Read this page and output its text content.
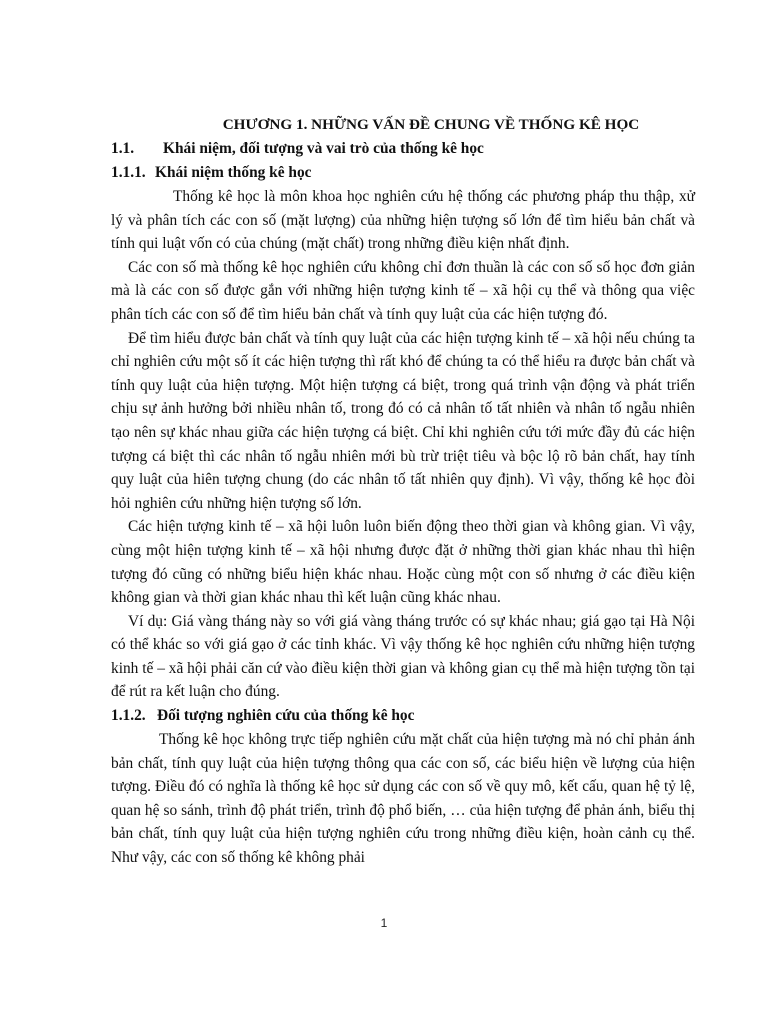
CHƯƠNG 1. NHỮNG VẤN ĐỀ CHUNG VỀ THỐNG KÊ HỌC
1.1. Khái niệm, đối tượng và vai trò của thống kê học
1.1.1. Khái niệm thống kê học

Thống kê học là môn khoa học nghiên cứu hệ thống các phương pháp thu thập, xử lý và phân tích các con số (mặt lượng) của những hiện tượng số lớn để tìm hiểu bản chất và tính qui luật vốn có của chúng (mặt chất) trong những điều kiện nhất định.

Các con số mà thống kê học nghiên cứu không chỉ đơn thuần là các con số số học đơn giản mà là các con số được gắn với những hiện tượng kinh tế – xã hội cụ thể và thông qua việc phân tích các con số để tìm hiểu bản chất và tính quy luật của các hiện tượng đó.

Để tìm hiểu được bản chất và tính quy luật của các hiện tượng kinh tế – xã hội nếu chúng ta chỉ nghiên cứu một số ít các hiện tượng thì rất khó để chúng ta có thể hiểu ra được bản chất và tính quy luật của hiện tượng. Một hiện tượng cá biệt, trong quá trình vận động và phát triển chịu sự ảnh hưởng bởi nhiều nhân tố, trong đó có cả nhân tố tất nhiên và nhân tố ngẫu nhiên tạo nên sự khác nhau giữa các hiện tượng cá biệt. Chỉ khi nghiên cứu tới mức đầy đủ các hiện tượng cá biệt thì các nhân tố ngẫu nhiên mới bù trừ triệt tiêu và bộc lộ rõ bản chất, hay tính quy luật của hiên tượng chung (do các nhân tố tất nhiên quy định). Vì vậy, thống kê học đòi hỏi nghiên cứu những hiện tượng số lớn.

Các hiện tượng kinh tế – xã hội luôn luôn biến động theo thời gian và không gian. Vì vậy, cùng một hiện tượng kinh tế – xã hội nhưng được đặt ở những thời gian khác nhau thì hiện tượng đó cũng có những biểu hiện khác nhau. Hoặc cùng một con số nhưng ở các điều kiện không gian và thời gian khác nhau thì kết luận cũng khác nhau.

Ví dụ: Giá vàng tháng này so với giá vàng tháng trước có sự khác nhau; giá gạo tại Hà Nội có thể khác so với giá gạo ở các tỉnh khác. Vì vậy thống kê học nghiên cứu những hiện tượng kinh tế – xã hội phải căn cứ vào điều kiện thời gian và không gian cụ thể mà hiện tượng tồn tại để rút ra kết luận cho đúng.

1.1.2. Đối tượng nghiên cứu của thống kê học

Thống kê học không trực tiếp nghiên cứu mặt chất của hiện tượng mà nó chỉ phản ánh bản chất, tính quy luật của hiện tượng thông qua các con số, các biểu hiện về lượng của hiện tượng. Điều đó có nghĩa là thống kê học sử dụng các con số về quy mô, kết cấu, quan hệ tỷ lệ, quan hệ so sánh, trình độ phát triển, trình độ phổ biến, … của hiện tượng để phản ánh, biểu thị bản chất, tính quy luật của hiện tượng nghiên cứu trong những điều kiện, hoàn cảnh cụ thể. Như vậy, các con số thống kê không phải

1
